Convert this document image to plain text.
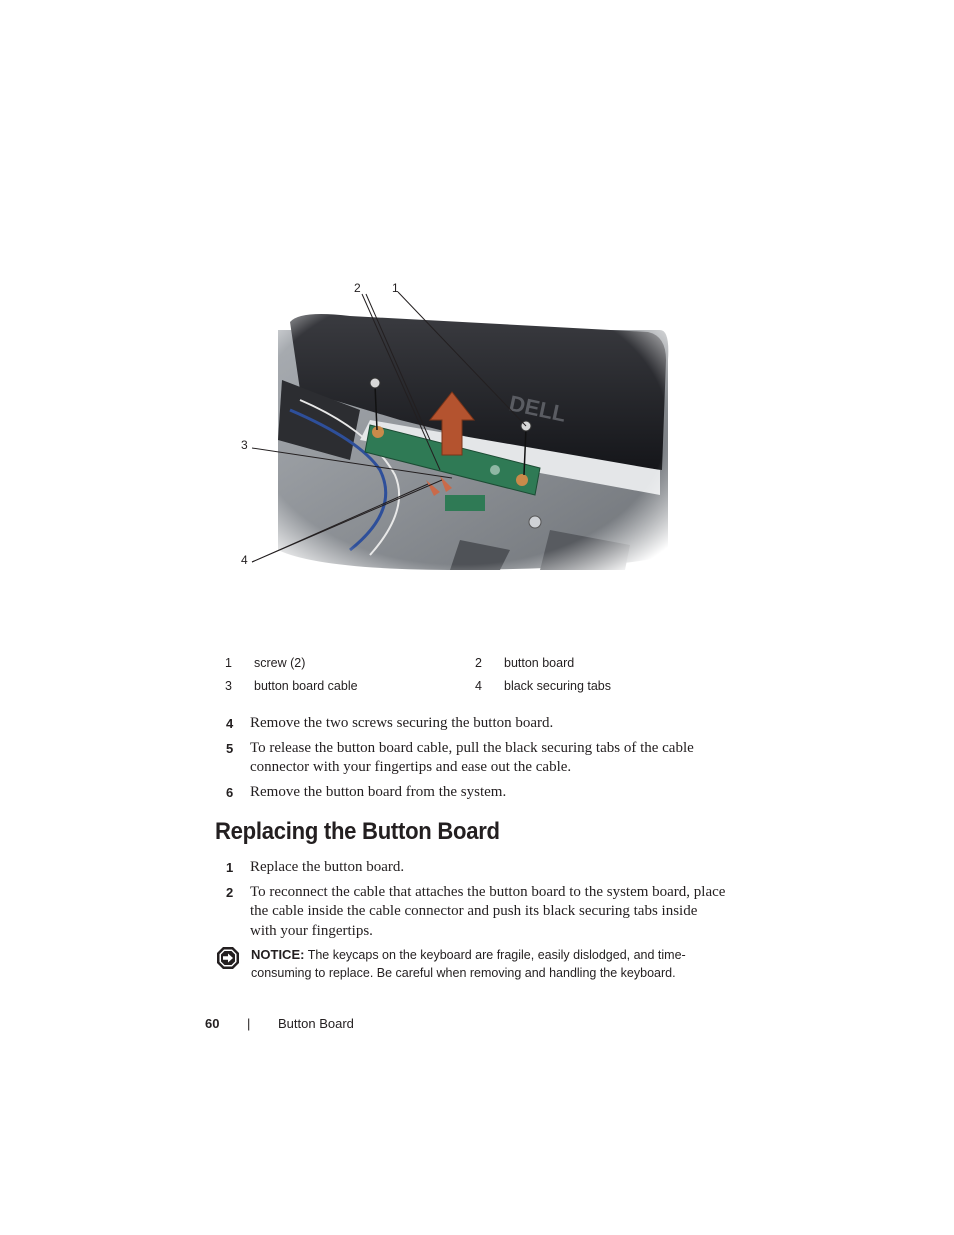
1
2
3
4
1 screw (2)	2 button board
3 button board cable	4 black securing tabs
4 Remove the two screws securing the button board.
5 To release the button board cable, pull the black securing tabs of the cable connector with your fingertips and ease out the cable.
6 Remove the button board from the system.
Replacing the Button Board
1 Replace the button board.
2 To reconnect the cable that attaches the button board to the system board, place the cable inside the cable connector and push its black securing tabs inside with your fingertips.
NOTICE: The keycaps on the keyboard are fragile, easily dislodged, and time-consuming to replace. Be careful when removing and handling the keyboard.
60 | Button Board
